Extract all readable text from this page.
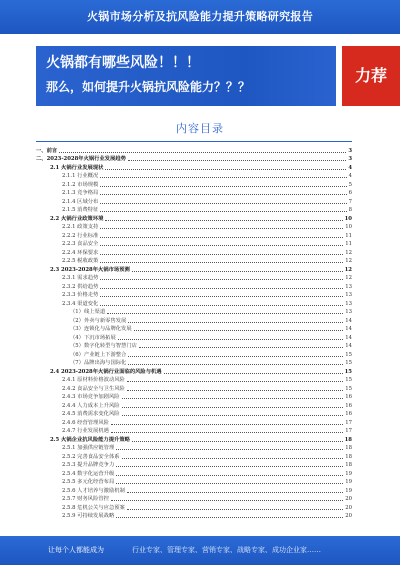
火锅市场分析及抗风险能力提升策略研究报告
火锅都有哪些风险！！！
那么，如何提升火锅抗风险能力？？？
力荐
内容目录
一、前言	3
二、2023-2028年火锅行业发展趋势	3
2.1 火锅行业发展现状	4
2.1.1 行业概况	4
2.1.2 市场规模	5
2.1.3 竞争格局	6
2.1.4 区域分布	7
2.1.5 消费特征	8
2.2 火锅行业政策环境	10
2.2.1 政策支持	10
2.2.2 行业标准	11
2.2.3 食品安全	11
2.2.4 环保要求	12
2.2.5 税收政策	12
2.3 2023-2028年火锅市场预测	12
2.3.1 需求趋势	12
2.3.2 供给趋势	13
2.3.3 价格走势	13
2.3.4 渠道变化	13
（1）线上渠道	13
（2）外卖与新零售发展	14
（3）连锁化与品牌化发展	14
（4）下沉市场拓展	14
（5）数字化转型与智慧门店	14
（6）产业链上下游整合	15
（7）品牌出海与国际化	15
2.4 2023-2028年火锅行业面临的风险与机遇	15
2.4.1 原材料价格波动风险	15
2.4.2 食品安全与卫生风险	15
2.4.3 市场竞争加剧风险	16
2.4.4 人力成本上升风险	16
2.4.5 消费需求变化风险	16
2.4.6 经营管理风险	17
2.4.7 行业发展机遇	17
2.5 火锅企业抗风险能力提升策略	18
2.5.1 加强供应链管理	18
2.5.2 完善食品安全体系	18
2.5.3 提升品牌竞争力	18
2.5.4 数字化运营升级	19
2.5.5 多元化经营布局	19
2.5.6 人才培养与激励机制	19
2.5.7 财务风险管控	20
2.5.8 危机公关与应急预案	20
2.5.9 可持续发展战略	20
让每个人都能成为	行业专家、管理专家、营销专家、战略专家、成功企业家……
